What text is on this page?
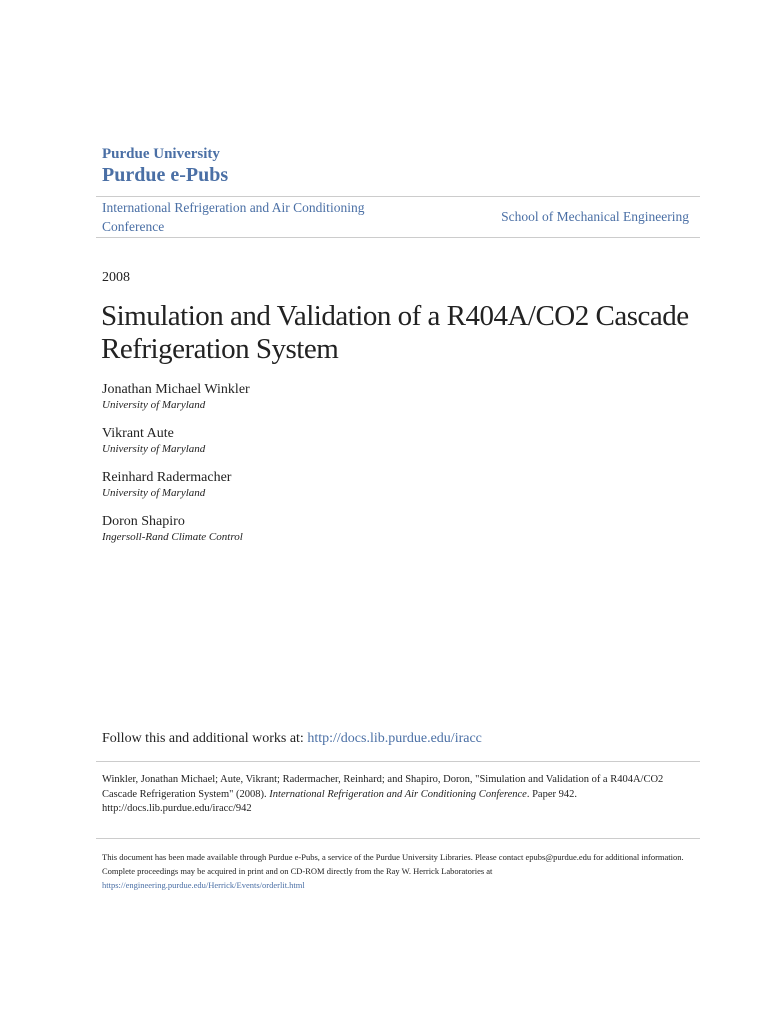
Purdue University
Purdue e-Pubs
International Refrigeration and Air Conditioning Conference
School of Mechanical Engineering
2008
Simulation and Validation of a R404A/CO2 Cascade Refrigeration System
Jonathan Michael Winkler
University of Maryland
Vikrant Aute
University of Maryland
Reinhard Radermacher
University of Maryland
Doron Shapiro
Ingersoll-Rand Climate Control
Follow this and additional works at: http://docs.lib.purdue.edu/iracc
Winkler, Jonathan Michael; Aute, Vikrant; Radermacher, Reinhard; and Shapiro, Doron, "Simulation and Validation of a R404A/CO2 Cascade Refrigeration System" (2008). International Refrigeration and Air Conditioning Conference. Paper 942.
http://docs.lib.purdue.edu/iracc/942
This document has been made available through Purdue e-Pubs, a service of the Purdue University Libraries. Please contact epubs@purdue.edu for additional information.
Complete proceedings may be acquired in print and on CD-ROM directly from the Ray W. Herrick Laboratories at https://engineering.purdue.edu/Herrick/Events/orderlit.html
